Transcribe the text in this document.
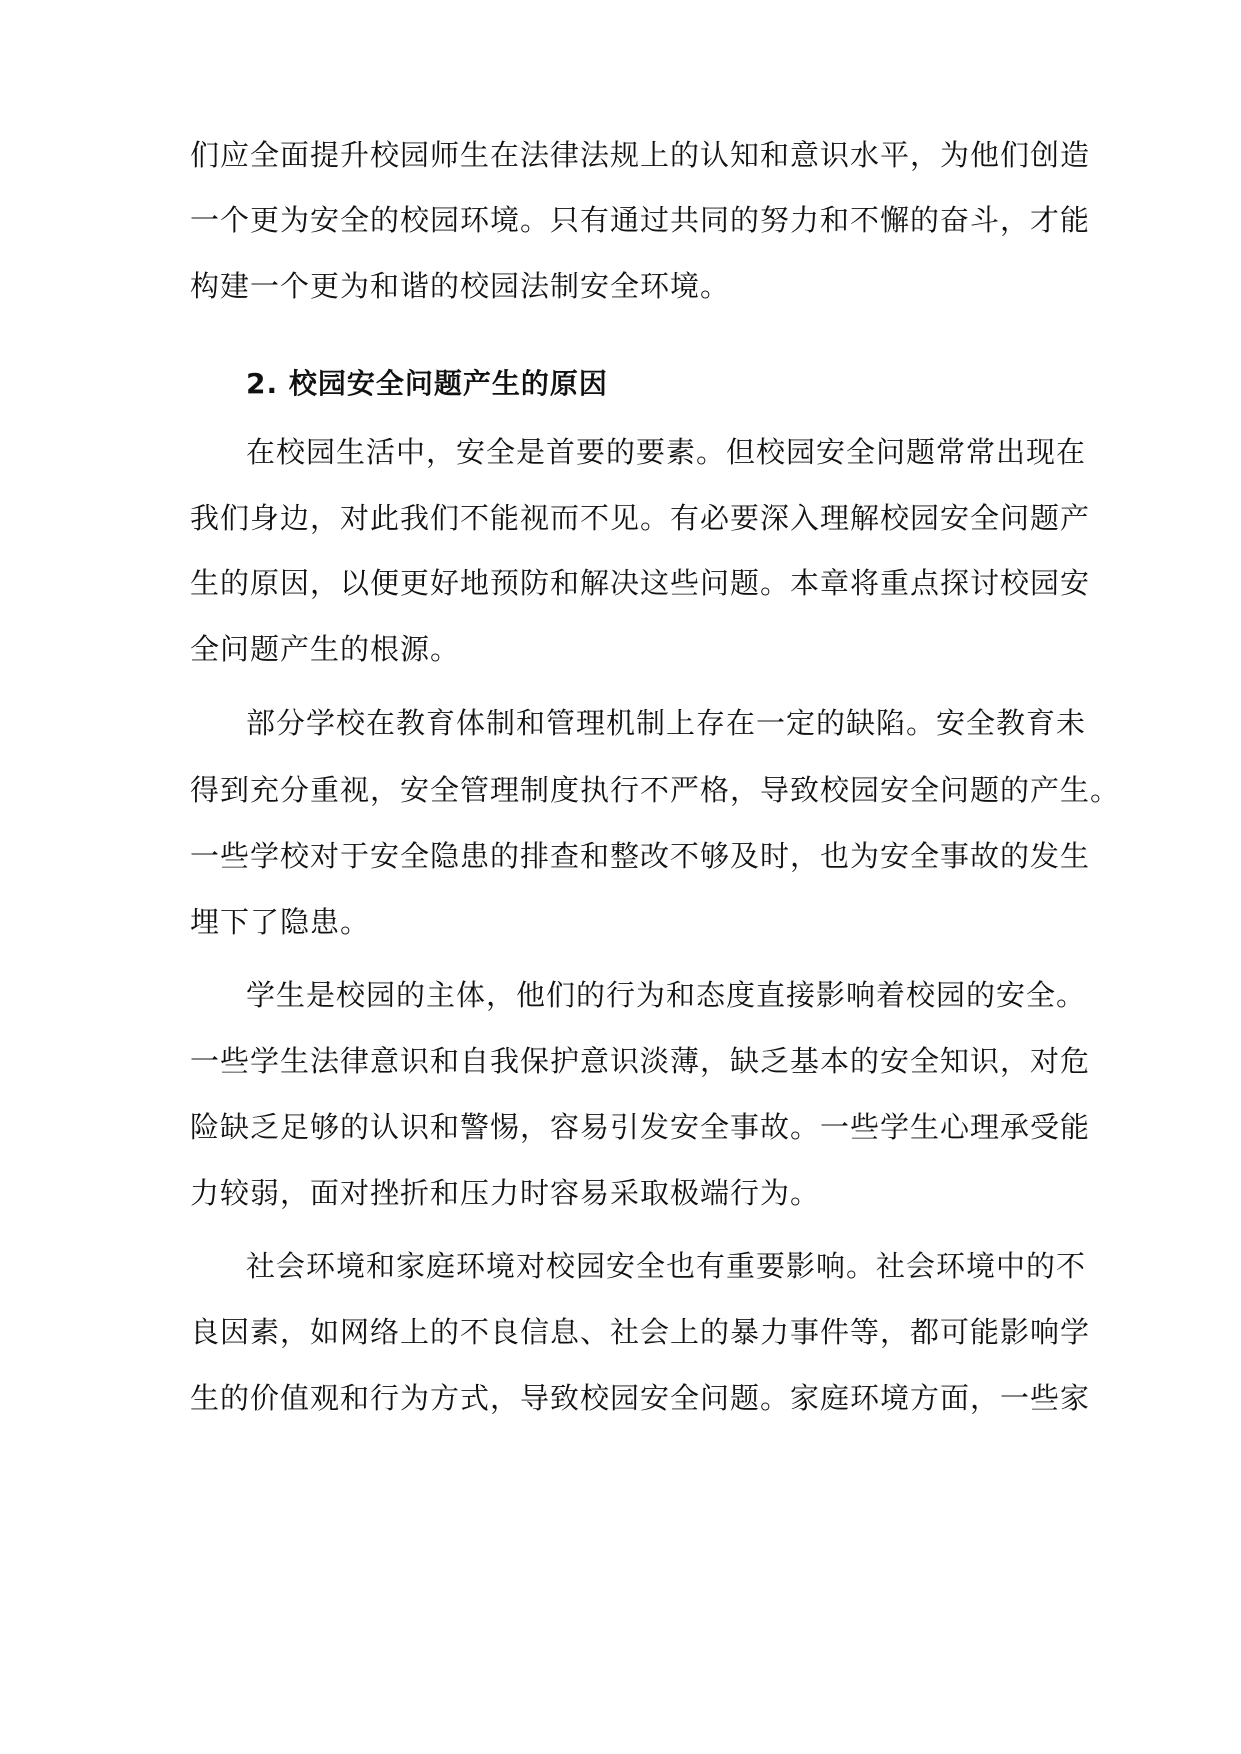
们应全面提升校园师生在法律法规上的认知和意识水平，为他们创造
一个更为安全的校园环境。只有通过共同的努力和不懈的奋斗，才能
构建一个更为和谐的校园法制安全环境。
2. 校园安全问题产生的原因
在校园生活中，安全是首要的要素。但校园安全问题常常出现在
我们身边，对此我们不能视而不见。有必要深入理解校园安全问题产
生的原因，以便更好地预防和解决这些问题。本章将重点探讨校园安
全问题产生的根源。
部分学校在教育体制和管理机制上存在一定的缺陷。安全教育未
得到充分重视，安全管理制度执行不严格，导致校园安全问题的产生。
一些学校对于安全隐患的排查和整改不够及时，也为安全事故的发生
埋下了隐患。
学生是校园的主体，他们的行为和态度直接影响着校园的安全。
一些学生法律意识和自我保护意识淡薄，缺乏基本的安全知识，对危
险缺乏足够的认识和警惕，容易引发安全事故。一些学生心理承受能
力较弱，面对挫折和压力时容易采取极端行为。
社会环境和家庭环境对校园安全也有重要影响。社会环境中的不
良因素，如网络上的不良信息、社会上的暴力事件等，都可能影响学
生的价值观和行为方式，导致校园安全问题。家庭环境方面，一些家
